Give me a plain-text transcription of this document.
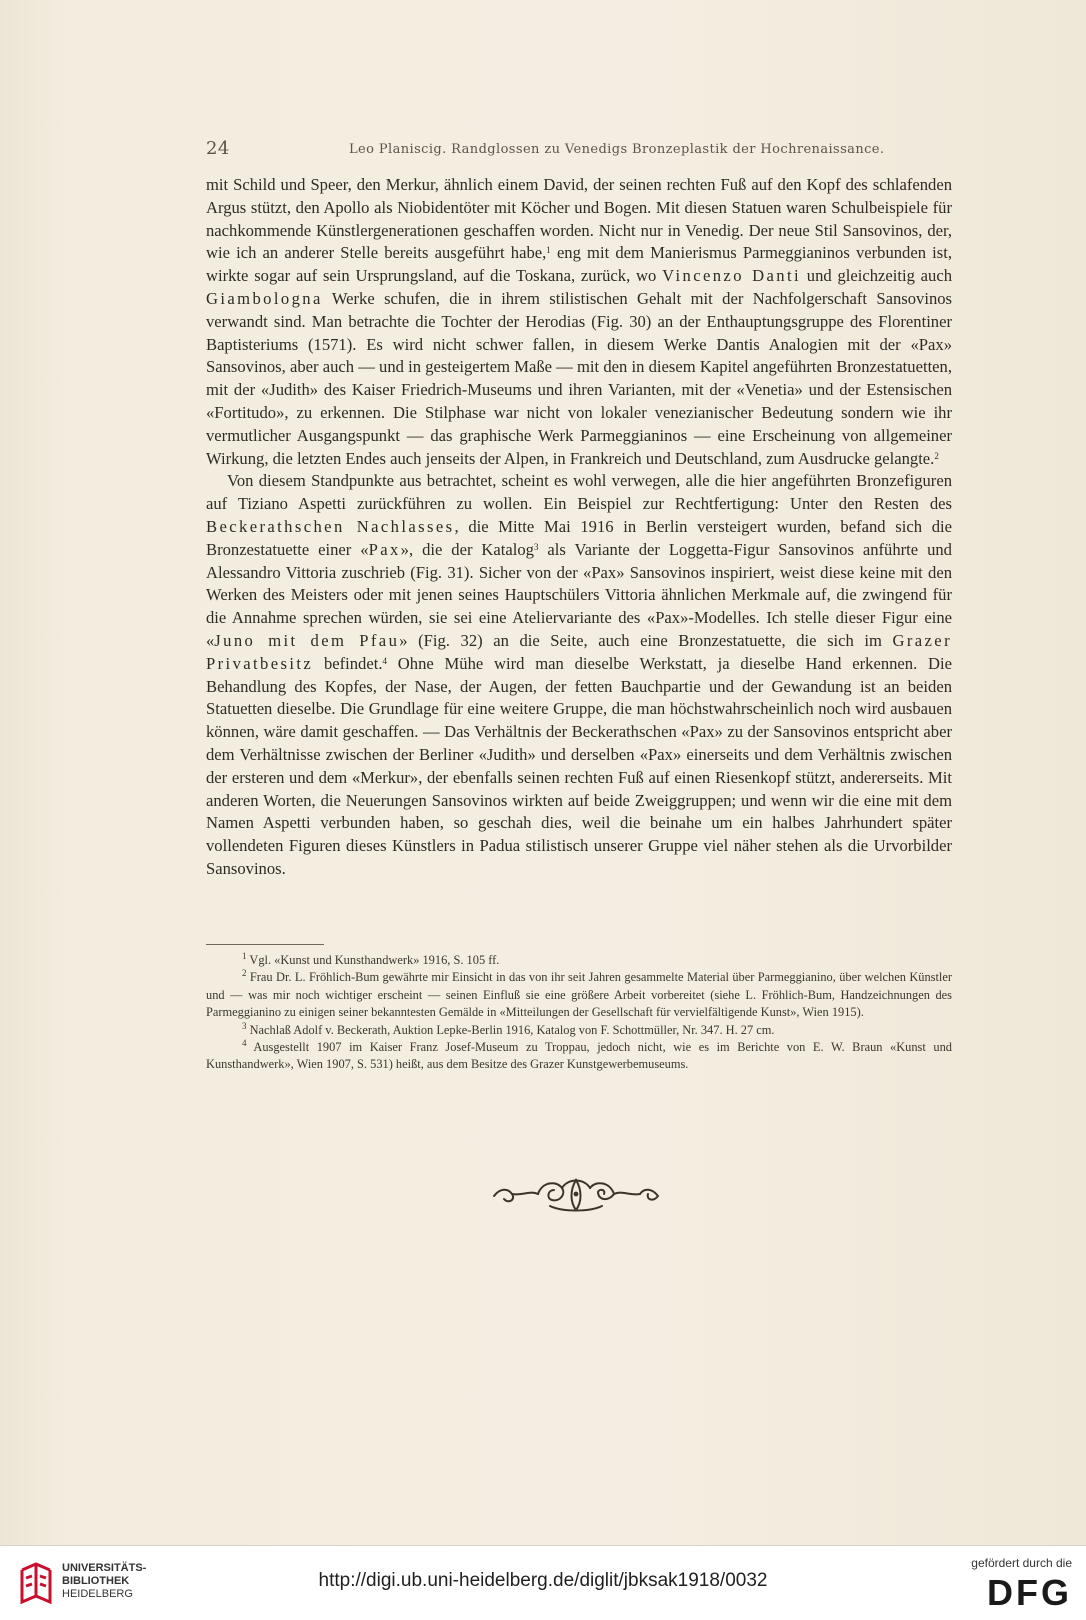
24	Leo Planiscig. Randglossen zu Venedigs Bronzeplastik der Hochrenaissance.

mit Schild und Speer, den Merkur, ähnlich einem David, der seinen rechten Fuß auf den Kopf des schlafenden Argus stützt, den Apollo als Niobidentöter mit Köcher und Bogen. Mit diesen Statuen waren Schulbeispiele für nachkommende Künstlergenerationen geschaffen worden. Nicht nur in Venedig. Der neue Stil Sansovinos, der, wie ich an anderer Stelle bereits ausgeführt habe,$^1$ eng mit dem Manierismus Parmeggianinos verbunden ist, wirkte sogar auf sein Ursprungsland, auf die Toskana, zurück, wo Vincenzo Danti und gleichzeitig auch Giambologna Werke schufen, die in ihrem stilistischen Gehalt mit der Nachfolgerschaft Sansovinos verwandt sind. Man betrachte die Tochter der Herodias (Fig. 30) an der Enthauptungsgruppe des Florentiner Baptisteriums (1571). Es wird nicht schwer fallen, in diesem Werke Dantis Analogien mit der «Pax» Sansovinos, aber auch — und in gesteigertem Maße — mit den in diesem Kapitel angeführten Bronzestatuetten, mit der «Judith» des Kaiser Friedrich-Museums und ihren Varianten, mit der «Venetia» und der Estensischen «Fortitudo», zu erkennen. Die Stilphase war nicht von lokaler venezianischer Bedeutung sondern wie ihr vermutlicher Ausgangspunkt — das graphische Werk Parmeggianinos — eine Erscheinung von allgemeiner Wirkung, die letzten Endes auch jenseits der Alpen, in Frankreich und Deutschland, zum Ausdrucke gelangte.$^2$

Von diesem Standpunkte aus betrachtet, scheint es wohl verwegen, alle die hier angeführten Bronzefiguren auf Tiziano Aspetti zurückführen zu wollen. Ein Beispiel zur Rechtfertigung: Unter den Resten des Beckerathschen Nachlasses, die Mitte Mai 1916 in Berlin versteigert wurden, befand sich die Bronzestatuette einer «Pax», die der Katalog$^3$ als Variante der Loggetta-Figur Sansovinos anführte und Alessandro Vittoria zuschrieb (Fig. 31). Sicher von der «Pax» Sansovinos inspiriert, weist diese keine mit den Werken des Meisters oder mit jenen seines Hauptschülers Vittoria ähnlichen Merkmale auf, die zwingend für die Annahme sprechen würden, sie sei eine Ateliervariante des «Pax»-Modelles. Ich stelle dieser Figur eine «Juno mit dem Pfau» (Fig. 32) an die Seite, auch eine Bronzestatuette, die sich im Grazer Privatbesitz befindet.$^4$ Ohne Mühe wird man dieselbe Werkstatt, ja dieselbe Hand erkennen. Die Behandlung des Kopfes, der Nase, der Augen, der fetten Bauchpartie und der Gewandung ist an beiden Statuetten dieselbe. Die Grundlage für eine weitere Gruppe, die man höchstwahrscheinlich noch wird ausbauen können, wäre damit geschaffen. — Das Verhältnis der Beckerathschen «Pax» zu der Sansovinos entspricht aber dem Verhältnisse zwischen der Berliner «Judith» und derselben «Pax» einerseits und dem Verhältnis zwischen der ersteren und dem «Merkur», der ebenfalls seinen rechten Fuß auf einen Riesenkopf stützt, andererseits. Mit anderen Worten, die Neuerungen Sansovinos wirkten auf beide Zweiggruppen; und wenn wir die eine mit dem Namen Aspetti verbunden haben, so geschah dies, weil die beinahe um ein halbes Jahrhundert später vollendeten Figuren dieses Künstlers in Padua stilistisch unserer Gruppe viel näher stehen als die Urvorbilder Sansovinos.

$^1$ Vgl. «Kunst und Kunsthandwerk» 1916, S. 105 ff.

$^2$ Frau Dr. L. Fröhlich-Bum gewährte mir Einsicht in das von ihr seit Jahren gesammelte Material über Parmeggianino, über welchen Künstler und — was mir noch wichtiger erscheint — seinen Einfluß sie eine größere Arbeit vorbereitet (siehe L. Fröhlich-Bum, Handzeichnungen des Parmeggianino zu einigen seiner bekanntesten Gemälde in «Mitteilungen der Gesellschaft für vervielfältigende Kunst», Wien 1915).

$^3$ Nachlaß Adolf v. Beckerath, Auktion Lepke-Berlin 1916, Katalog von F. Schottmüller, Nr. 347. H. 27 cm.

$^4$ Ausgestellt 1907 im Kaiser Franz Josef-Museum zu Troppau, jedoch nicht, wie es im Berichte von E. W. Braun «Kunst und Kunsthandwerk», Wien 1907, S. 531) heißt, aus dem Besitze des Grazer Kunstgewerbemuseums.

UNIVERSITÄTS-
BIBLIOTHEK
HEIDELBERG
http://digi.ub.uni-heidelberg.de/diglit/jbksak1918/0032
gefördert durch die
DFG
